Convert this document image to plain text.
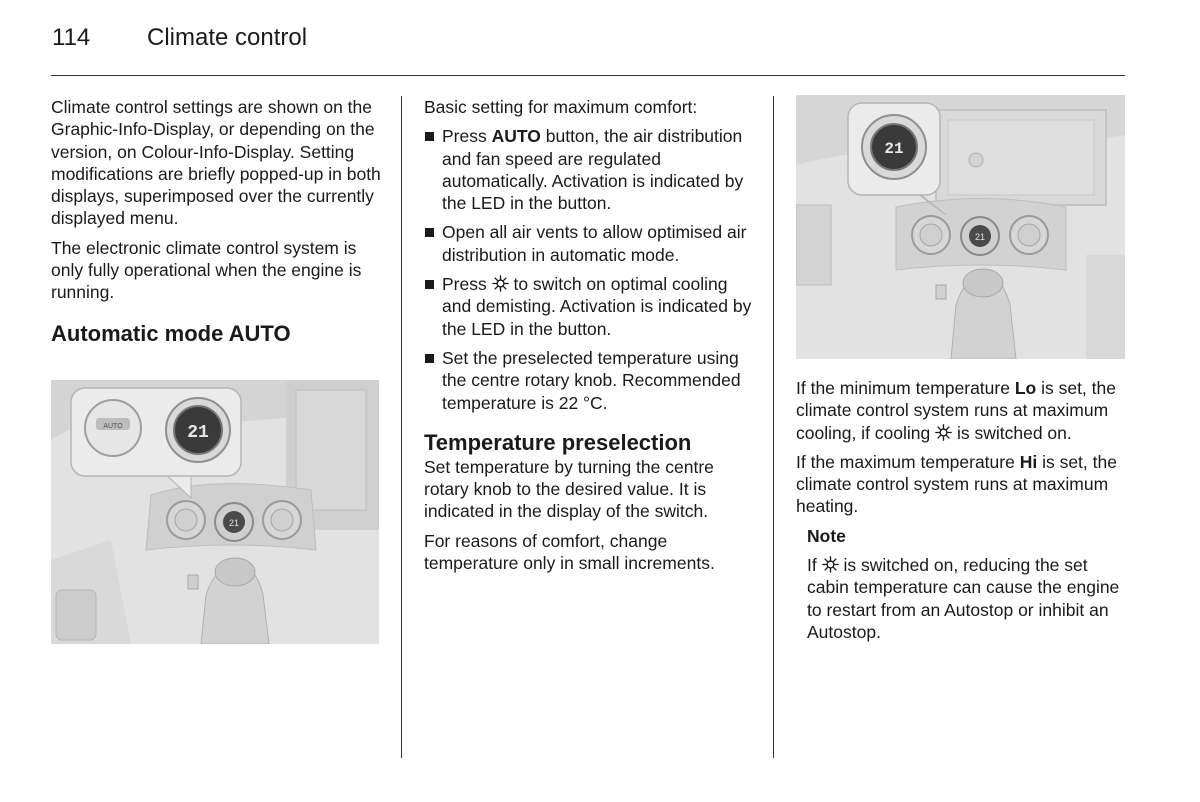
114 Climate control

Climate control settings are shown on the Graphic-Info-Display, or depending on the version, on Colour-Info-Display. Setting modifications are briefly popped-up in both displays, superimposed over the currently displayed menu.

The electronic climate control system is only fully operational when the engine is running.

Automatic mode AUTO
21
AUTO	21

Basic setting for maximum comfort:

Press AUTO button, the air distribution and fan speed are regulated automatically. Activation is indicated by the LED in the button.
Open all air vents to allow optimised air distribution in automatic mode.
Press  to switch on optimal cooling and demisting. Activation is indicated by the LED in the button.
Set the preselected temperature using the centre rotary knob. Recommended temperature is 22 °C.
Temperature preselection

Set temperature by turning the centre rotary knob to the desired value. It is indicated in the display of the switch.

For reasons of comfort, change temperature only in small increments.

21
21

If the minimum temperature Lo is set, the climate control system runs at maximum cooling, if cooling  is switched on.

If the maximum temperature Hi is set, the climate control system runs at maximum heating.

Note

If  is switched on, reducing the set cabin temperature can cause the engine to restart from an Autostop or inhibit an Autostop.
